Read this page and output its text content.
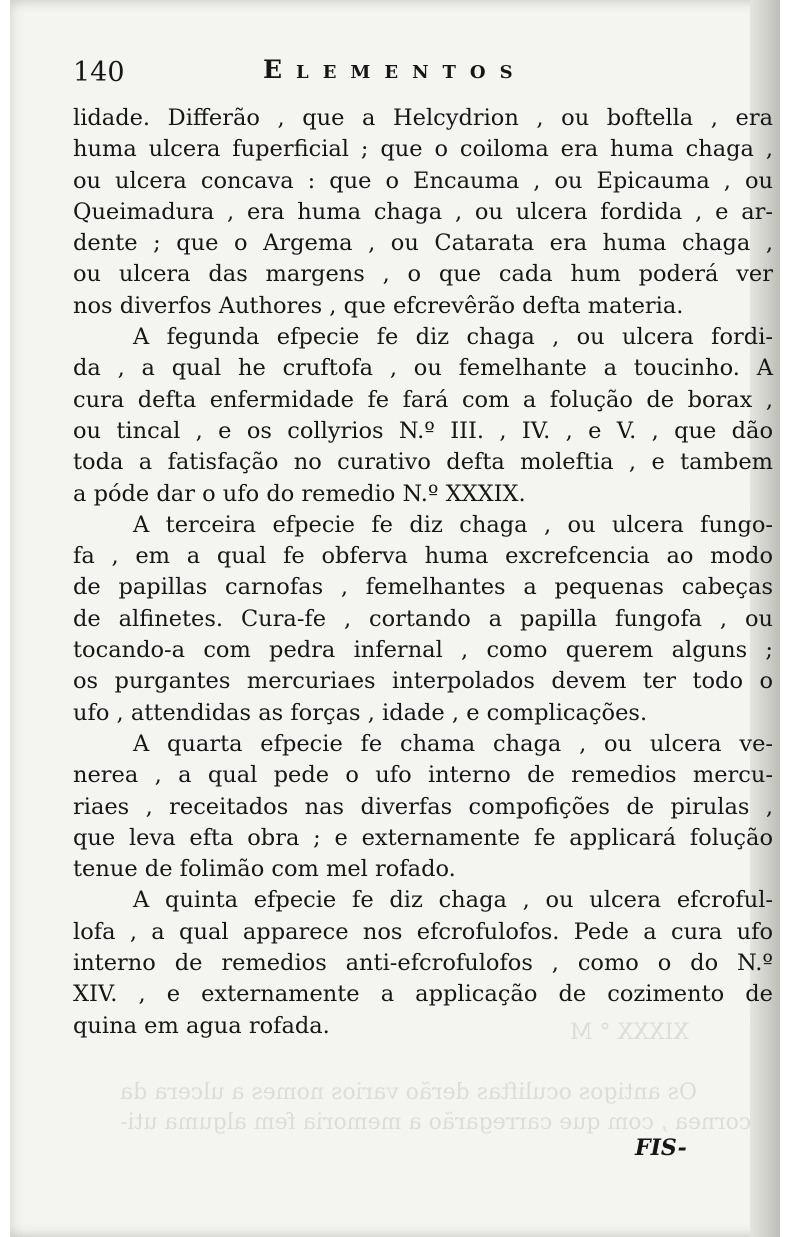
XIXXX ° M
Os antigos oculiftas derão varios nomes a ulcera da
cornea , com que carregarão a memoria fem alguma uti-
140	Elementos
lidade. Differão , que a Helcydrion , ou boftella , era
huma ulcera fuperficial ; que o coiloma era huma chaga ,
ou ulcera concava : que o Encauma , ou Epicauma , ou
Queimadura , era huma chaga , ou ulcera fordida , e ar-
dente ; que o Argema , ou Catarata era huma chaga ,
ou ulcera das margens , o que cada hum poderá ver
nos diverfos Authores , que efcrevêrão defta materia.
A fegunda efpecie fe diz chaga , ou ulcera fordi-
da , a qual he cruftofa , ou femelhante a toucinho. A
cura defta enfermidade fe fará com a folução de borax ,
ou tincal , e os collyrios N.º III. , IV. , e V. , que dão
toda a fatisfação no curativo defta moleftia , e tambem
a póde dar o ufo do remedio N.º XXXIX.
A terceira efpecie fe diz chaga , ou ulcera fungo-
fa , em a qual fe obferva huma excrefcencia ao modo
de papillas carnofas , femelhantes a pequenas cabeças
de alfinetes. Cura-fe , cortando a papilla fungofa , ou
tocando-a com pedra infernal , como querem alguns ;
os purgantes mercuriaes interpolados devem ter todo o
ufo , attendidas as forças , idade , e complicações.
A quarta efpecie fe chama chaga , ou ulcera ve-
nerea , a qual pede o ufo interno de remedios mercu-
riaes , receitados nas diverfas compofições de pirulas ,
que leva efta obra ; e externamente fe applicará folução
tenue de folimão com mel rofado.
A quinta efpecie fe diz chaga , ou ulcera efcroful-
lofa , a qual apparece nos efcrofulofos. Pede a cura ufo
interno de remedios anti-efcrofulofos , como o do N.º
XIV. , e externamente a applicação de cozimento de
quina em agua rofada.
FIS-
